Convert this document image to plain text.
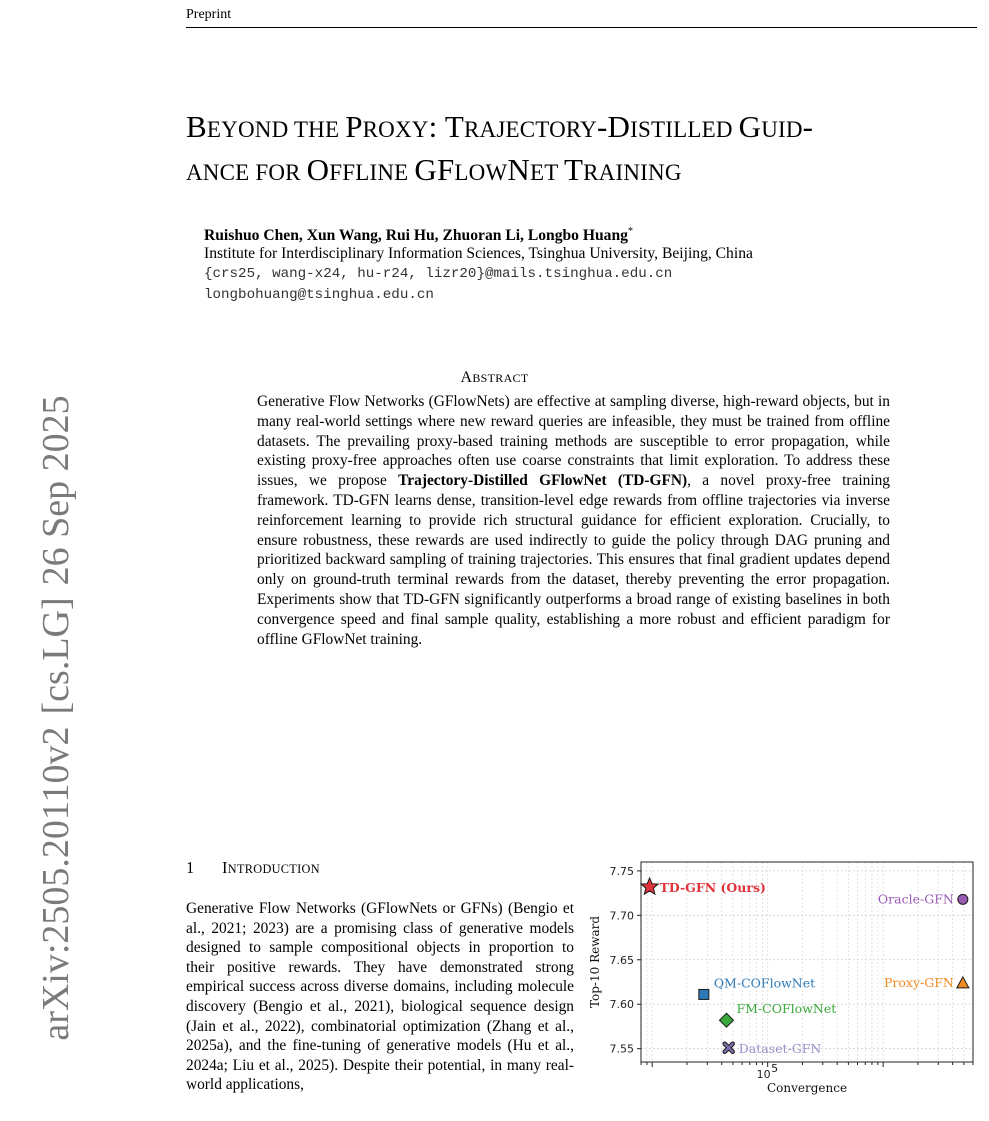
Preprint
BEYOND THE PROXY: TRAJECTORY-DISTILLED GUID-
ANCE FOR OFFLINE GFLOWNET TRAINING
Ruishuo Chen, Xun Wang, Rui Hu, Zhuoran Li, Longbo Huang*
Institute for Interdisciplinary Information Sciences, Tsinghua University, Beijing, China
{crs25, wang-x24, hu-r24, lizr20}@mails.tsinghua.edu.cn
longbohuang@tsinghua.edu.cn
ABSTRACT
Generative Flow Networks (GFlowNets) are effective at sampling diverse, high-reward objects, but in many real-world settings where new reward queries are infeasible, they must be trained from offline datasets. The prevailing proxy-based training methods are susceptible to error propagation, while existing proxy-free approaches often use coarse constraints that limit exploration. To address these issues, we propose Trajectory-Distilled GFlowNet (TD-GFN), a novel proxy-free training framework. TD-GFN learns dense, transition-level edge rewards from offline trajectories via inverse reinforcement learning to provide rich structural guidance for efficient exploration. Crucially, to ensure robustness, these rewards are used indirectly to guide the policy through DAG pruning and prioritized backward sampling of training trajectories. This ensures that final gradient updates depend only on ground-truth terminal rewards from the dataset, thereby preventing the error propagation. Experiments show that TD-GFN significantly outperforms a broad range of existing baselines in both convergence speed and final sample quality, establishing a more robust and efficient paradigm for offline GFlowNet training.
1 INTRODUCTION
Generative Flow Networks (GFlowNets or GFNs) (Bengio et al., 2021; 2023) are a promising class of generative models designed to sample compositional objects in proportion to their positive rewards. They have demonstrated strong empirical success across diverse domains, including molecule discovery (Bengio et al., 2021), biological sequence design (Jain et al., 2022), combinatorial optimization (Zhang et al., 2025a), and the fine-tuning of generative models (Hu et al., 2024a; Liu et al., 2025). Despite their potential, in many real-world applications,
arXiv:2505.20110v2[cs.LG]26 Sep 2025
7.55
7.60
7.65
7.70
7.75
10 5
Top-10 Reward
Convergence
TD-GFN (Ours)
Oracle-GFN
QM-COFlowNet	Proxy-GFN
FM-COFlowNet
Dataset-GFN
